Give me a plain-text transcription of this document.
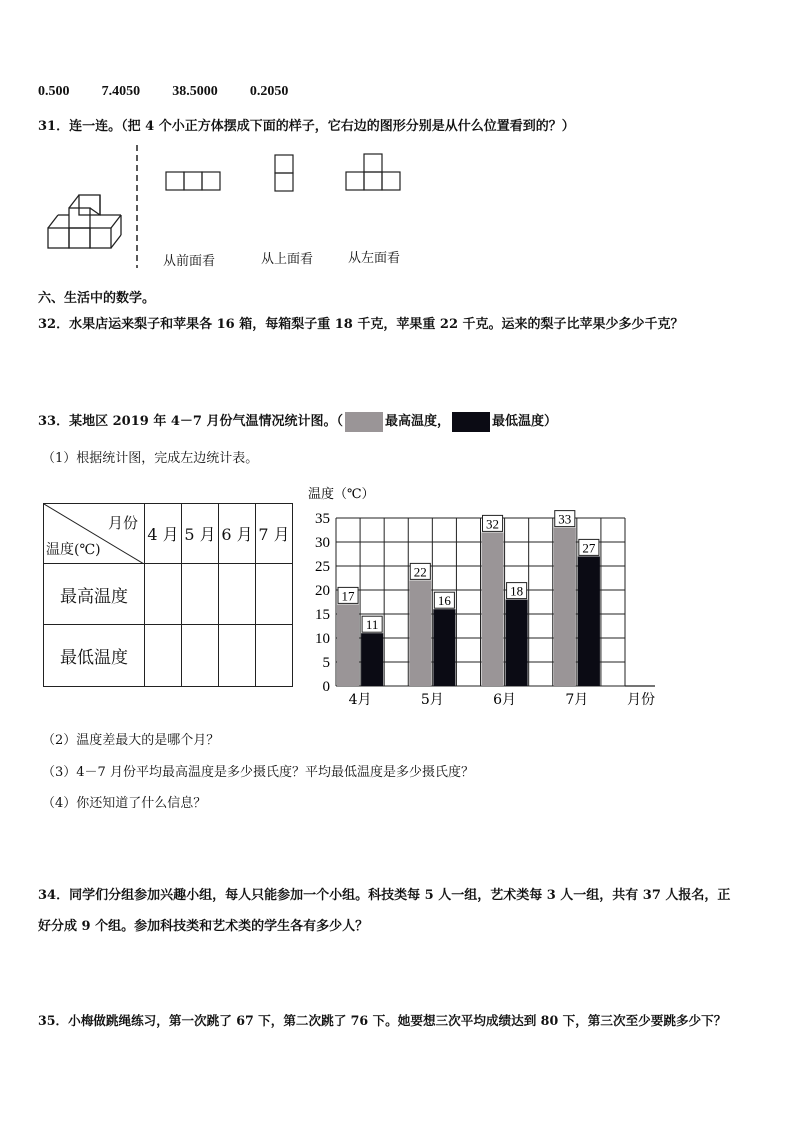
0.500 7.4050 38.5000 0.2050
31．连一连。（把 4 个小正方体摆成下面的样子，它右边的图形分别是从什么位置看到的？）
从前面看	从上面看	从左面看
六、生活中的数学。
32．水果店运来梨子和苹果各 16 箱，每箱梨子重 18 千克，苹果重 22 千克。运来的梨子比苹果少多少千克？
33．某地区 2019 年 4－7 月份气温情况统计图。（	最高温度，	最低温度）
（1）根据统计图，完成左边统计表。
月份
温度(℃)	4 月	5 月	6 月	7 月
最高温度				
最低温度				
0
5
10
15
20
25
30
35
温度（℃）
17
11
4月
22
16
5月
32
18
6月
33
27
7月	月份
（2）温度差最大的是哪个月？
（3）4－7 月份平均最高温度是多少摄氏度？平均最低温度是多少摄氏度？
（4）你还知道了什么信息？
34．同学们分组参加兴趣小组，每人只能参加一个小组。科技类每 5 人一组，艺术类每 3 人一组，共有 37 人报名，正
好分成 9 个组。参加科技类和艺术类的学生各有多少人？
35．小梅做跳绳练习，第一次跳了 67 下，第二次跳了 76 下。她要想三次平均成绩达到 80 下，第三次至少要跳多少下？
